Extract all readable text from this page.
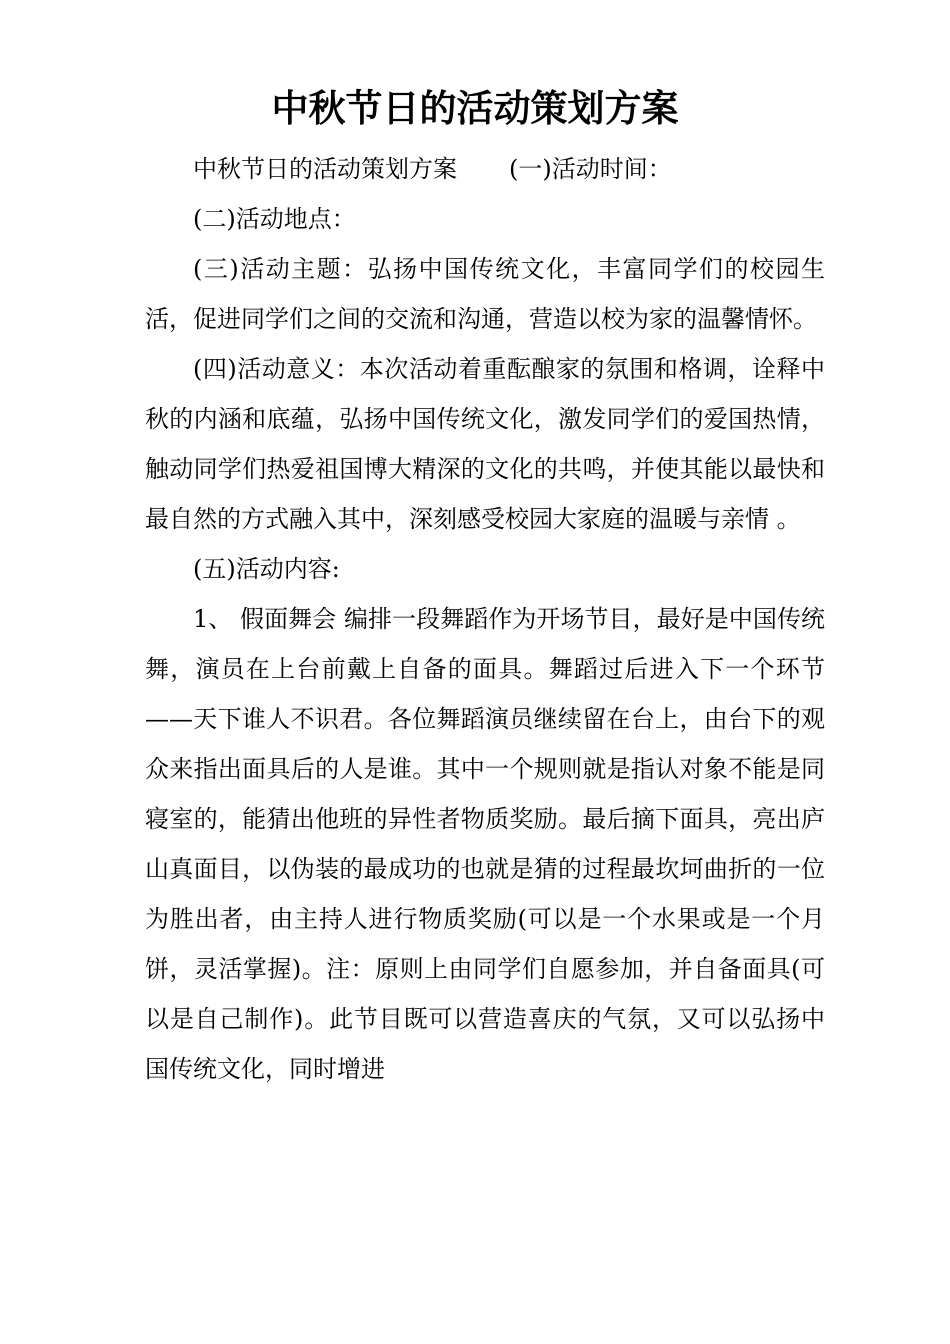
中秋节日的活动策划方案

中秋节日的活动策划方案 (一)活动时间：

(二)活动地点：

(三)活动主题：弘扬中国传统文化，丰富同学们的校园生活，促进同学们之间的交流和沟通，营造以校为家的温馨情怀。

(四)活动意义：本次活动着重酝酿家的氛围和格调，诠释中秋的内涵和底蕴，弘扬中国传统文化，激发同学们的爱国热情，触动同学们热爱祖国博大精深的文化的共鸣，并使其能以最快和最自然的方式融入其中，深刻感受校园大家庭的温暖与亲情 。

(五)活动内容:

1、 假面舞会 编排一段舞蹈作为开场节目，最好是中国传统舞，演员在上台前戴上自备的面具。舞蹈过后进入下一个环节——天下谁人不识君。各位舞蹈演员继续留在台上，由台下的观众来指出面具后的人是谁。其中一个规则就是指认对象不能是同寝室的，能猜出他班的异性者物质奖励。最后摘下面具，亮出庐山真面目，以伪装的最成功的也就是猜的过程最坎坷曲折的一位为胜出者，由主持人进行物质奖励(可以是一个水果或是一个月饼，灵活掌握)。注：原则上由同学们自愿参加，并自备面具(可以是自己制作)。此节目既可以营造喜庆的气氛，又可以弘扬中国传统文化，同时增进
